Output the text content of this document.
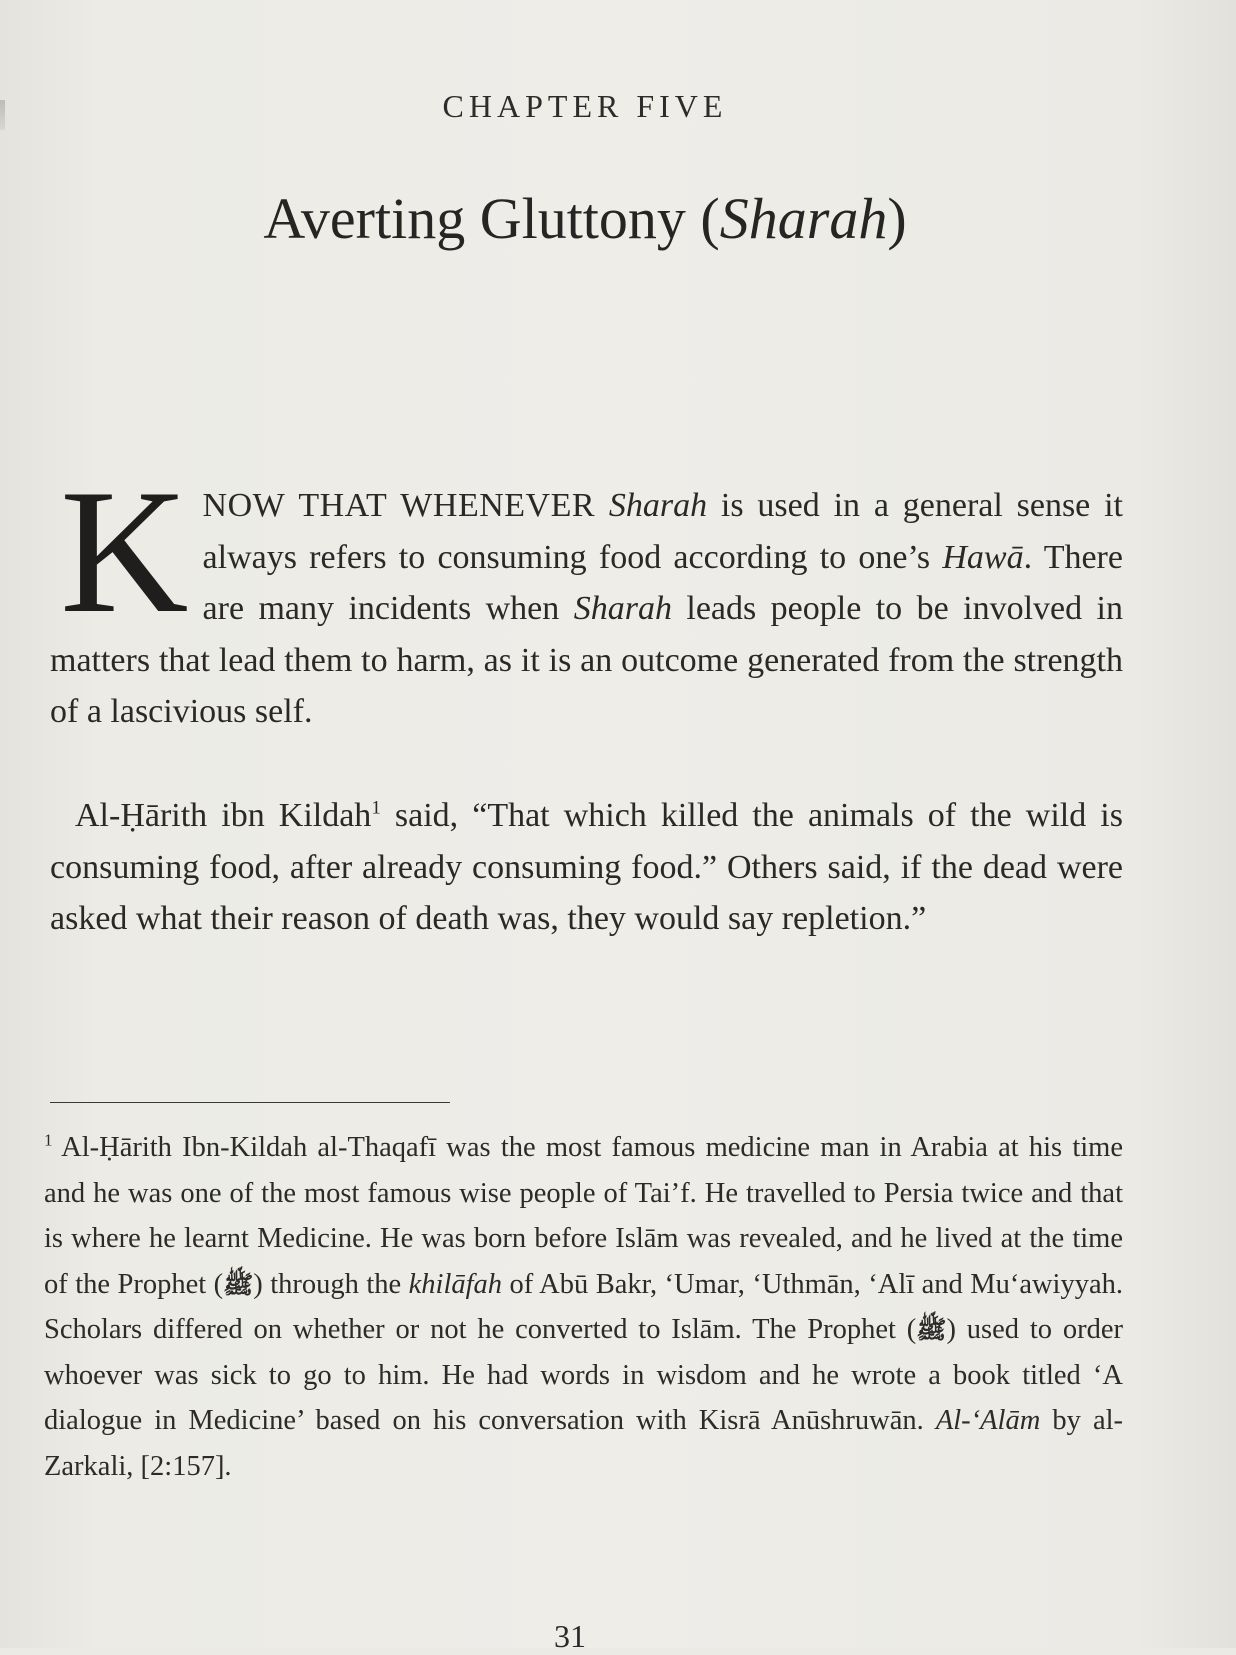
CHAPTER FIVE
Averting Gluttony (Sharah)
KNOW THAT WHENEVER Sharah is used in a general sense it always refers to consuming food according to one’s Hawā. There are many incidents when Sharah leads people to be involved in matters that lead them to harm, as it is an outcome generated from the strength of a lascivious self.
Al-Ḥārith ibn Kildah$^1$ said, “That which killed the animals of the wild is consuming food, after already consuming food.” Others said, if the dead were asked what their reason of death was, they would say repletion.”
$^1$ Al-Ḥārith Ibn-Kildah al-Thaqafī was the most famous medicine man in Arabia at his time and he was one of the most famous wise people of Tai’f. He travelled to Persia twice and that is where he learnt Medicine. He was born before Islām was revealed, and he lived at the time of the Prophet (ﷺ) through the khilāfah of Abū Bakr, ‘Umar, ‘Uthmān, ‘Alī and Mu‘awiyyah. Scholars differed on whether or not he converted to Islām. The Prophet (ﷺ) used to order whoever was sick to go to him. He had words in wisdom and he wrote a book titled ‘A dialogue in Medicine’ based on his conversation with Kisrā Anūshruwān. Al-‘Alām by al-Zarkali, [2:157].
31
